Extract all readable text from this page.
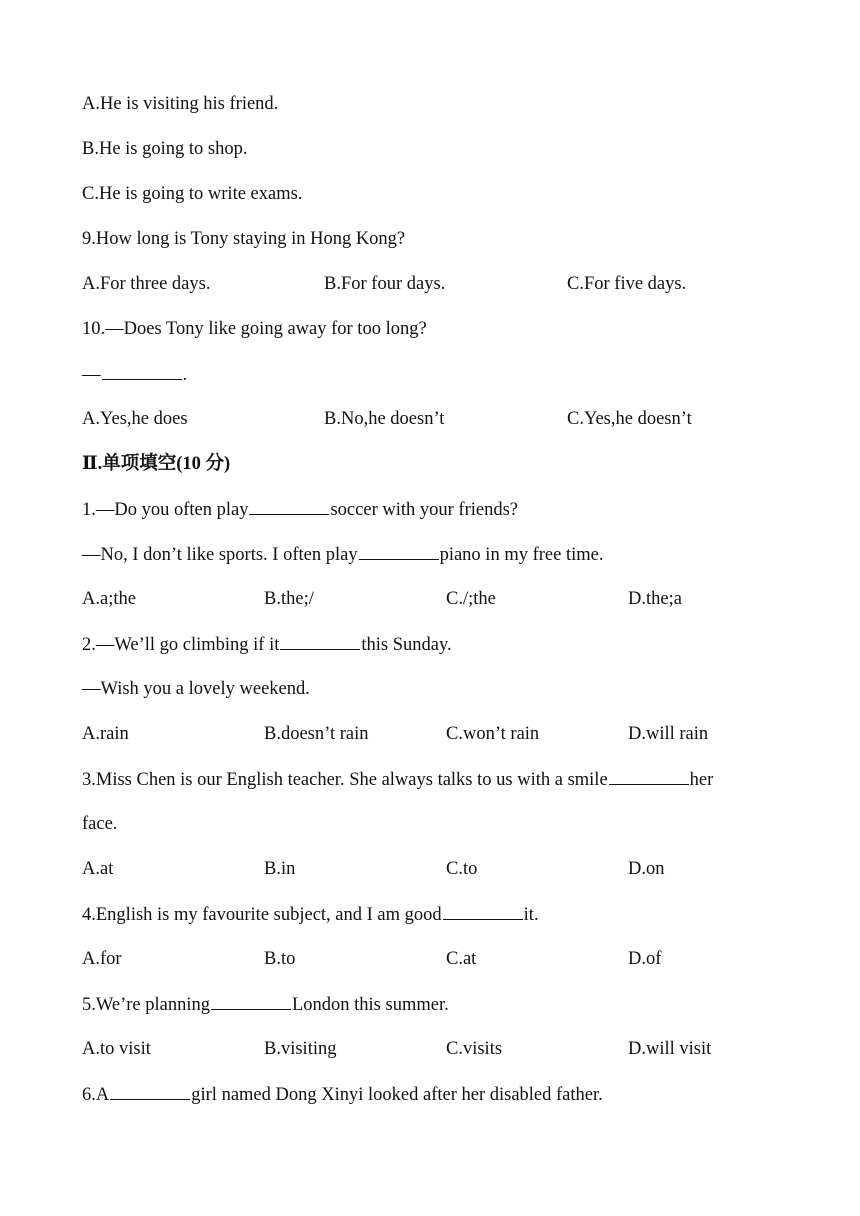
A.He is visiting his friend.
B.He is going to shop.
C.He is going to write exams.
9.How long is Tony staying in Hong Kong?
A.For three days.	B.For four days.	C.For five days.
10.—Does Tony like going away for too long?
—	.
A.Yes,he does	B.No,he doesn’t	C.Yes,he doesn’t
Ⅱ.单项填空(10 分)
1.—Do you often play	soccer with your friends?
—No, I don’t like sports. I often play	piano in my free time.
A.a;the	B.the;/	C./;the	D.the;a
2.—We’ll go climbing if it	this Sunday.
—Wish you a lovely weekend.
A.rain	B.doesn’t rain	C.won’t rain	D.will rain
3.Miss Chen is our English teacher. She always talks to us with a smile	her
face.
A.at	B.in	C.to	D.on
4.English is my favourite subject, and I am good	it.
A.for	B.to	C.at	D.of
5.We’re planning	London this summer.
A.to visit	B.visiting	C.visits	D.will visit
6.A	girl named Dong Xinyi looked after her disabled father.
